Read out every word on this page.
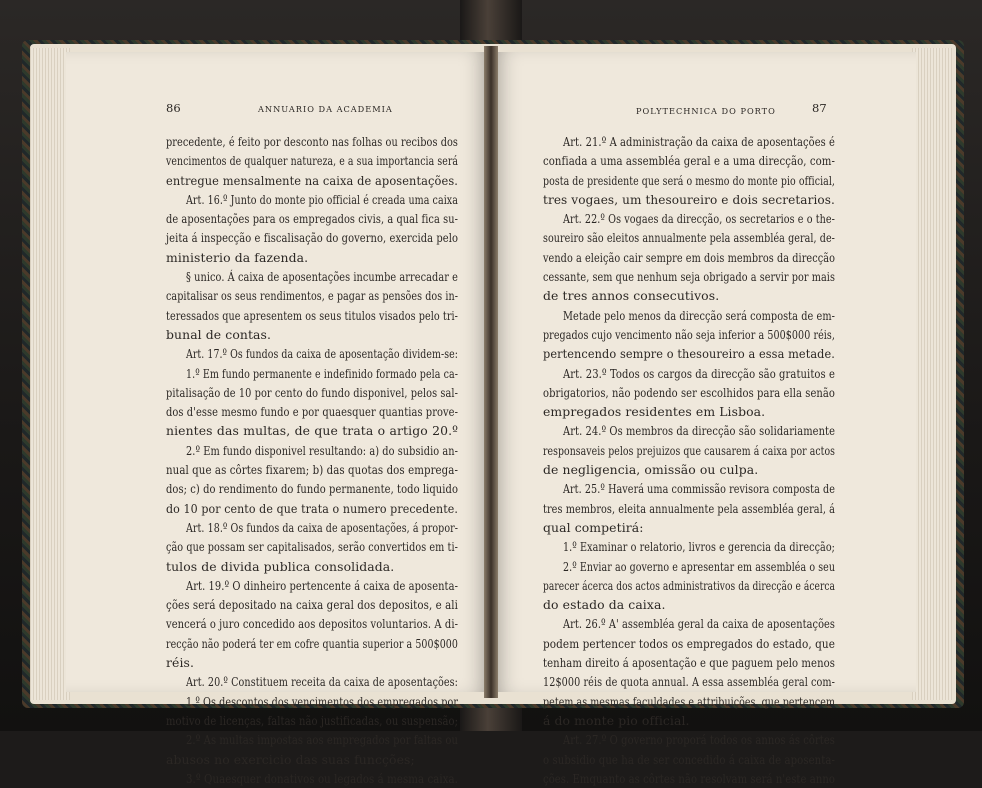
86	ANNUARIO DA ACADEMIA	POLYTECHNICA DO PORTO	87
precedente, é feito por desconto nas folhas ou recibos dos
vencimentos de qualquer natureza, e a sua importancia será
entregue mensalmente na caixa de aposentações.
Art. 16.º Junto do monte pio official é creada uma caixa
de aposentações para os empregados civis, a qual fica su-
jeita á inspecção e fiscalisação do governo, exercida pelo
ministerio da fazenda.
§ unico. Á caixa de aposentações incumbe arrecadar e
capitalisar os seus rendimentos, e pagar as pensões dos in-
teressados que apresentem os seus titulos visados pelo tri-
bunal de contas.
Art. 17.º Os fundos da caixa de aposentação dividem-se:
1.º Em fundo permanente e indefinido formado pela ca-
pitalisação de 10 por cento do fundo disponivel, pelos sal-
dos d'esse mesmo fundo e por quaesquer quantias prove-
nientes das multas, de que trata o artigo 20.º
2.º Em fundo disponivel resultando: a) do subsidio an-
nual que as côrtes fixarem; b) das quotas dos emprega-
dos; c) do rendimento do fundo permanente, todo liquido
do 10 por cento de que trata o numero precedente.
Art. 18.º Os fundos da caixa de aposentações, á propor-
ção que possam ser capitalisados, serão convertidos em ti-
tulos de divida publica consolidada.
Art. 19.º O dinheiro pertencente á caixa de aposenta-
ções será depositado na caixa geral dos depositos, e ali
vencerá o juro concedido aos depositos voluntarios. A di-
recção não poderá ter em cofre quantia superior a 500$000
réis.
Art. 20.º Constituem receita da caixa de aposentações:
1.º Os descontos dos vencimentos dos empregados por
motivo de licenças, faltas não justificadas, ou suspensão;
2.º As multas impostas aos empregados por faltas ou
abusos no exercicio das suas funcções;
3.º Quaesquer donativos ou legados á mesma caixa.
Art. 21.º A administração da caixa de aposentações é
confiada a uma assembléa geral e a uma direcção, com-
posta de presidente que será o mesmo do monte pio official,
tres vogaes, um thesoureiro e dois secretarios.
Art. 22.º Os vogaes da direcção, os secretarios e o the-
soureiro são eleitos annualmente pela assembléa geral, de-
vendo a eleição cair sempre em dois membros da direcção
cessante, sem que nenhum seja obrigado a servir por mais
de tres annos consecutivos.
Metade pelo menos da direcção será composta de em-
pregados cujo vencimento não seja inferior a 500$000 réis,
pertencendo sempre o thesoureiro a essa metade.
Art. 23.º Todos os cargos da direcção são gratuitos e
obrigatorios, não podendo ser escolhidos para ella senão
empregados residentes em Lisboa.
Art. 24.º Os membros da direcção são solidariamente
responsaveis pelos prejuizos que causarem á caixa por actos
de negligencia, omissão ou culpa.
Art. 25.º Haverá uma commissão revisora composta de
tres membros, eleita annualmente pela assembléa geral, á
qual competirá:
1.º Examinar o relatorio, livros e gerencia da direcção;
2.º Enviar ao governo e apresentar em assembléa o seu
parecer ácerca dos actos administrativos da direcção e ácerca
do estado da caixa.
Art. 26.º A' assembléa geral da caixa de aposentações
podem pertencer todos os empregados do estado, que
tenham direito á aposentação e que paguem pelo menos
12$000 réis de quota annual. A essa assembléa geral com-
petem as mesmas faculdades e attribuições, que pertencem
á do monte pio official.
Art. 27.º O governo proporá todos os annos ás côrtes
o subsidio que ha de ser concedido á caixa de aposenta-
ções. Emquanto as côrtes não resolvam será n'este anno
